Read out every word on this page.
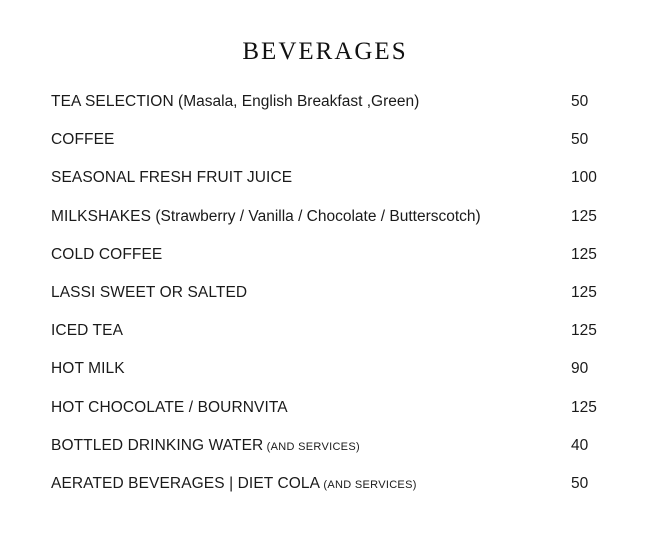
BEVERAGES
TEA SELECTION (Masala, English Breakfast ,Green)	50
COFFEE	50
SEASONAL FRESH FRUIT JUICE	100
MILKSHAKES (Strawberry / Vanilla / Chocolate / Butterscotch)	125
COLD COFFEE	125
LASSI SWEET OR SALTED	125
ICED TEA	125
HOT MILK	90
HOT CHOCOLATE / BOURNVITA	125
BOTTLED DRINKING WATER (AND SERVICES)	40
AERATED BEVERAGES | DIET COLA (AND SERVICES)	50
